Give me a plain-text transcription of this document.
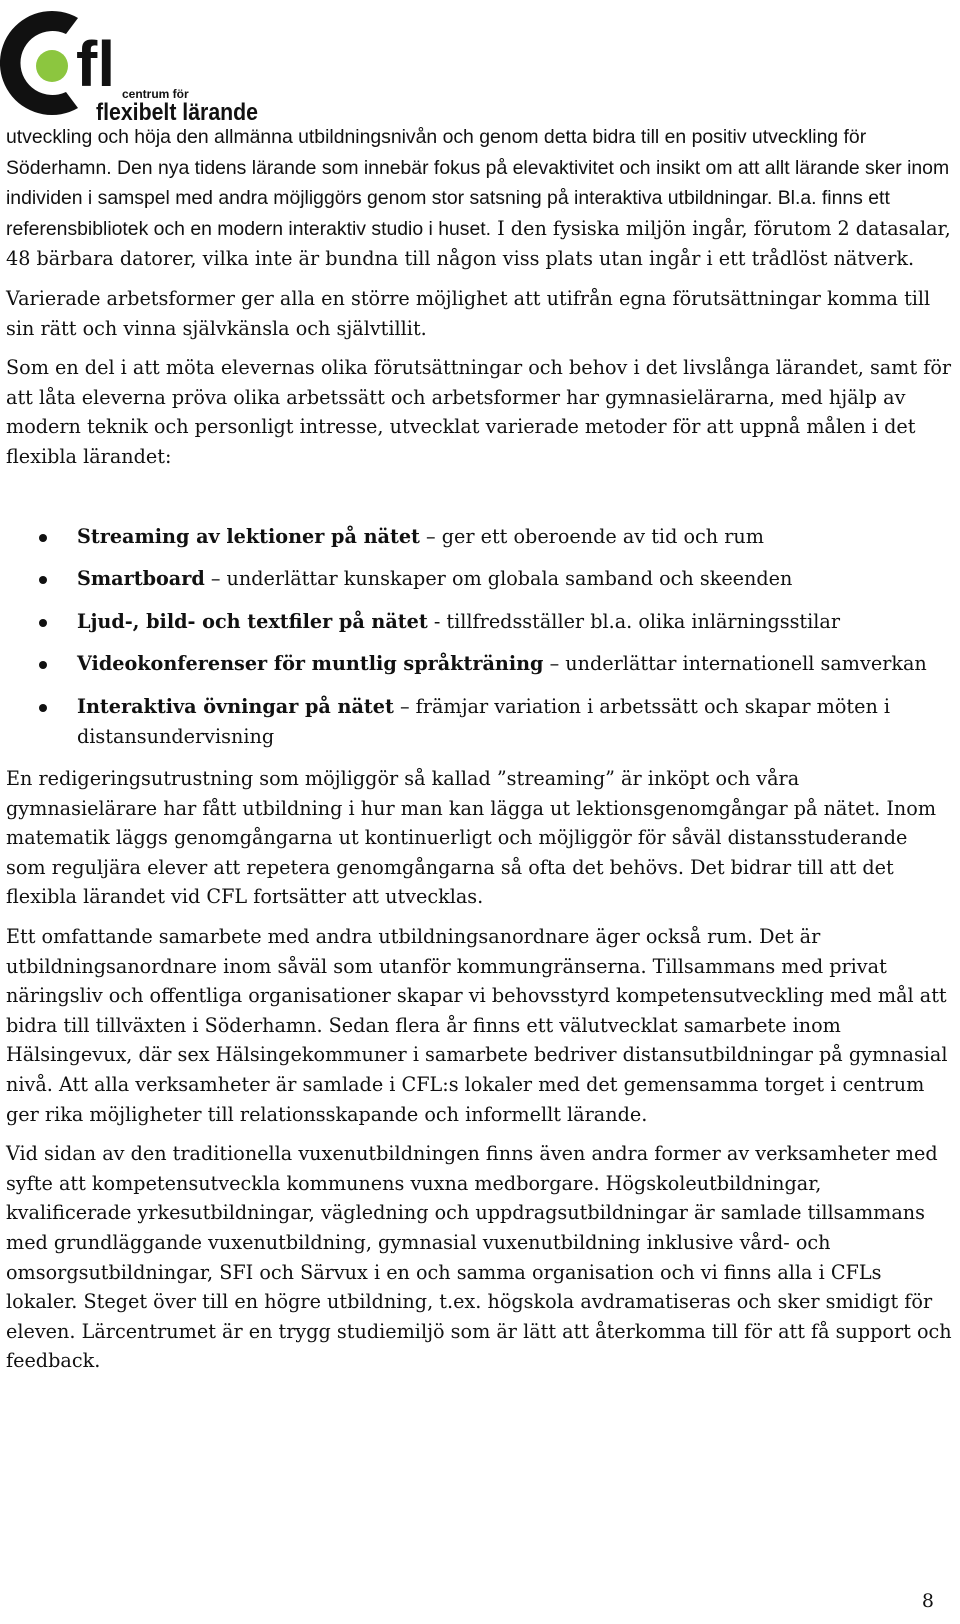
fl centrum för
flexibelt lärande

utveckling och höja den allmänna utbildningsnivån och genom detta bidra till en positiv utveckling för Söderhamn. Den nya tidens lärande som innebär fokus på elevaktivitet och insikt om att allt lärande sker inom individen i samspel med andra möjliggörs genom stor satsning på interaktiva utbildningar. Bl.a. finns ett referensbibliotek och en modern interaktiv studio i huset. I den fysiska miljön ingår, förutom 2 datasalar, 48 bärbara datorer, vilka inte är bundna till någon viss plats utan ingår i ett trådlöst nätverk.

Varierade arbetsformer ger alla en större möjlighet att utifrån egna förutsättningar komma till sin rätt och vinna självkänsla och självtillit.

Som en del i att möta elevernas olika förutsättningar och behov i det livslånga lärandet, samt för att låta eleverna pröva olika arbetssätt och arbetsformer har gymnasielärarna, med hjälp av modern teknik och personligt intresse, utvecklat varierade metoder för att uppnå målen i det flexibla lärandet:

Streaming av lektioner på nätet – ger ett oberoende av tid och rum
Smartboard – underlättar kunskaper om globala samband och skeenden
Ljud-, bild- och textfiler på nätet - tillfredsställer bl.a. olika inlärningsstilar
Videokonferenser för muntlig språkträning – underlättar internationell samverkan
Interaktiva övningar på nätet – främjar variation i arbetssätt och skapar möten i distansundervisning

En redigeringsutrustning som möjliggör så kallad ”streaming” är inköpt och våra gymnasielärare har fått utbildning i hur man kan lägga ut lektionsgenomgångar på nätet. Inom matematik läggs genomgångarna ut kontinuerligt och möjliggör för såväl distansstuderande som reguljära elever att repetera genomgångarna så ofta det behövs. Det bidrar till att det flexibla lärandet vid CFL fortsätter att utvecklas.

Ett omfattande samarbete med andra utbildningsanordnare äger också rum. Det är utbildningsanordnare inom såväl som utanför kommungränserna. Tillsammans med privat näringsliv och offentliga organisationer skapar vi behovsstyrd kompetensutveckling med mål att bidra till tillväxten i Söderhamn. Sedan flera år finns ett välutvecklat samarbete inom Hälsingevux, där sex Hälsingekommuner i samarbete bedriver distansutbildningar på gymnasial nivå. Att alla verksamheter är samlade i CFL:s lokaler med det gemensamma torget i centrum ger rika möjligheter till relationsskapande och informellt lärande.

Vid sidan av den traditionella vuxenutbildningen finns även andra former av verksamheter med syfte att kompetensutveckla kommunens vuxna medborgare. Högskoleutbildningar, kvalificerade yrkesutbildningar, vägledning och uppdragsutbildningar är samlade tillsammans med grundläggande vuxenutbildning, gymnasial vuxenutbildning inklusive vård- och omsorgsutbildningar, SFI och Särvux i en och samma organisation och vi finns alla i CFLs lokaler. Steget över till en högre utbildning, t.ex. högskola avdramatiseras och sker smidigt för eleven. Lärcentrumet är en trygg studiemiljö som är lätt att återkomma till för att få support och feedback.

8
